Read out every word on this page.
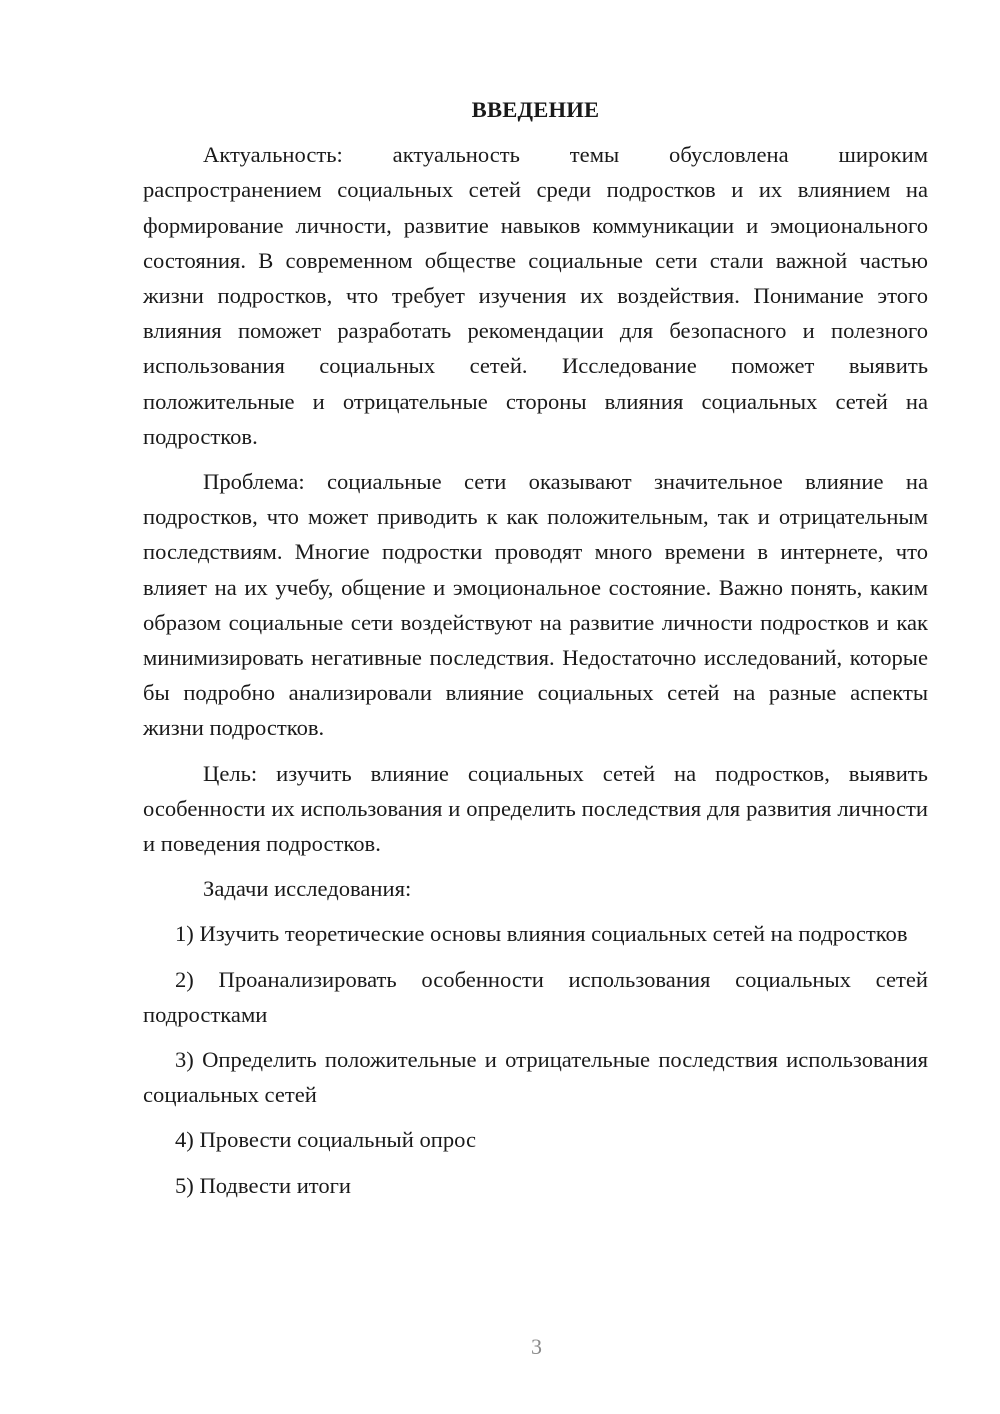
ВВЕДЕНИЕ

Актуальность: актуальность темы обусловлена широким распространением социальных сетей среди подростков и их влиянием на формирование личности, развитие навыков коммуникации и эмоционального состояния. В современном обществе социальные сети стали важной частью жизни подростков, что требует изучения их воздействия. Понимание этого влияния поможет разработать рекомендации для безопасного и полезного использования социальных сетей. Исследование поможет выявить положительные и отрицательные стороны влияния социальных сетей на подростков.

Проблема: социальные сети оказывают значительное влияние на подростков, что может приводить к как положительным, так и отрицательным последствиям. Многие подростки проводят много времени в интернете, что влияет на их учебу, общение и эмоциональное состояние. Важно понять, каким образом социальные сети воздействуют на развитие личности подростков и как минимизировать негативные последствия. Недостаточно исследований, которые бы подробно анализировали влияние социальных сетей на разные аспекты жизни подростков.

Цель: изучить влияние социальных сетей на подростков, выявить особенности их использования и определить последствия для развития личности и поведения подростков.

Задачи исследования:

1) Изучить теоретические основы влияния социальных сетей на подростков

2) Проанализировать особенности использования социальных сетей подростками

3) Определить положительные и отрицательные последствия использования социальных сетей

4) Провести социальный опрос

5) Подвести итоги

3
